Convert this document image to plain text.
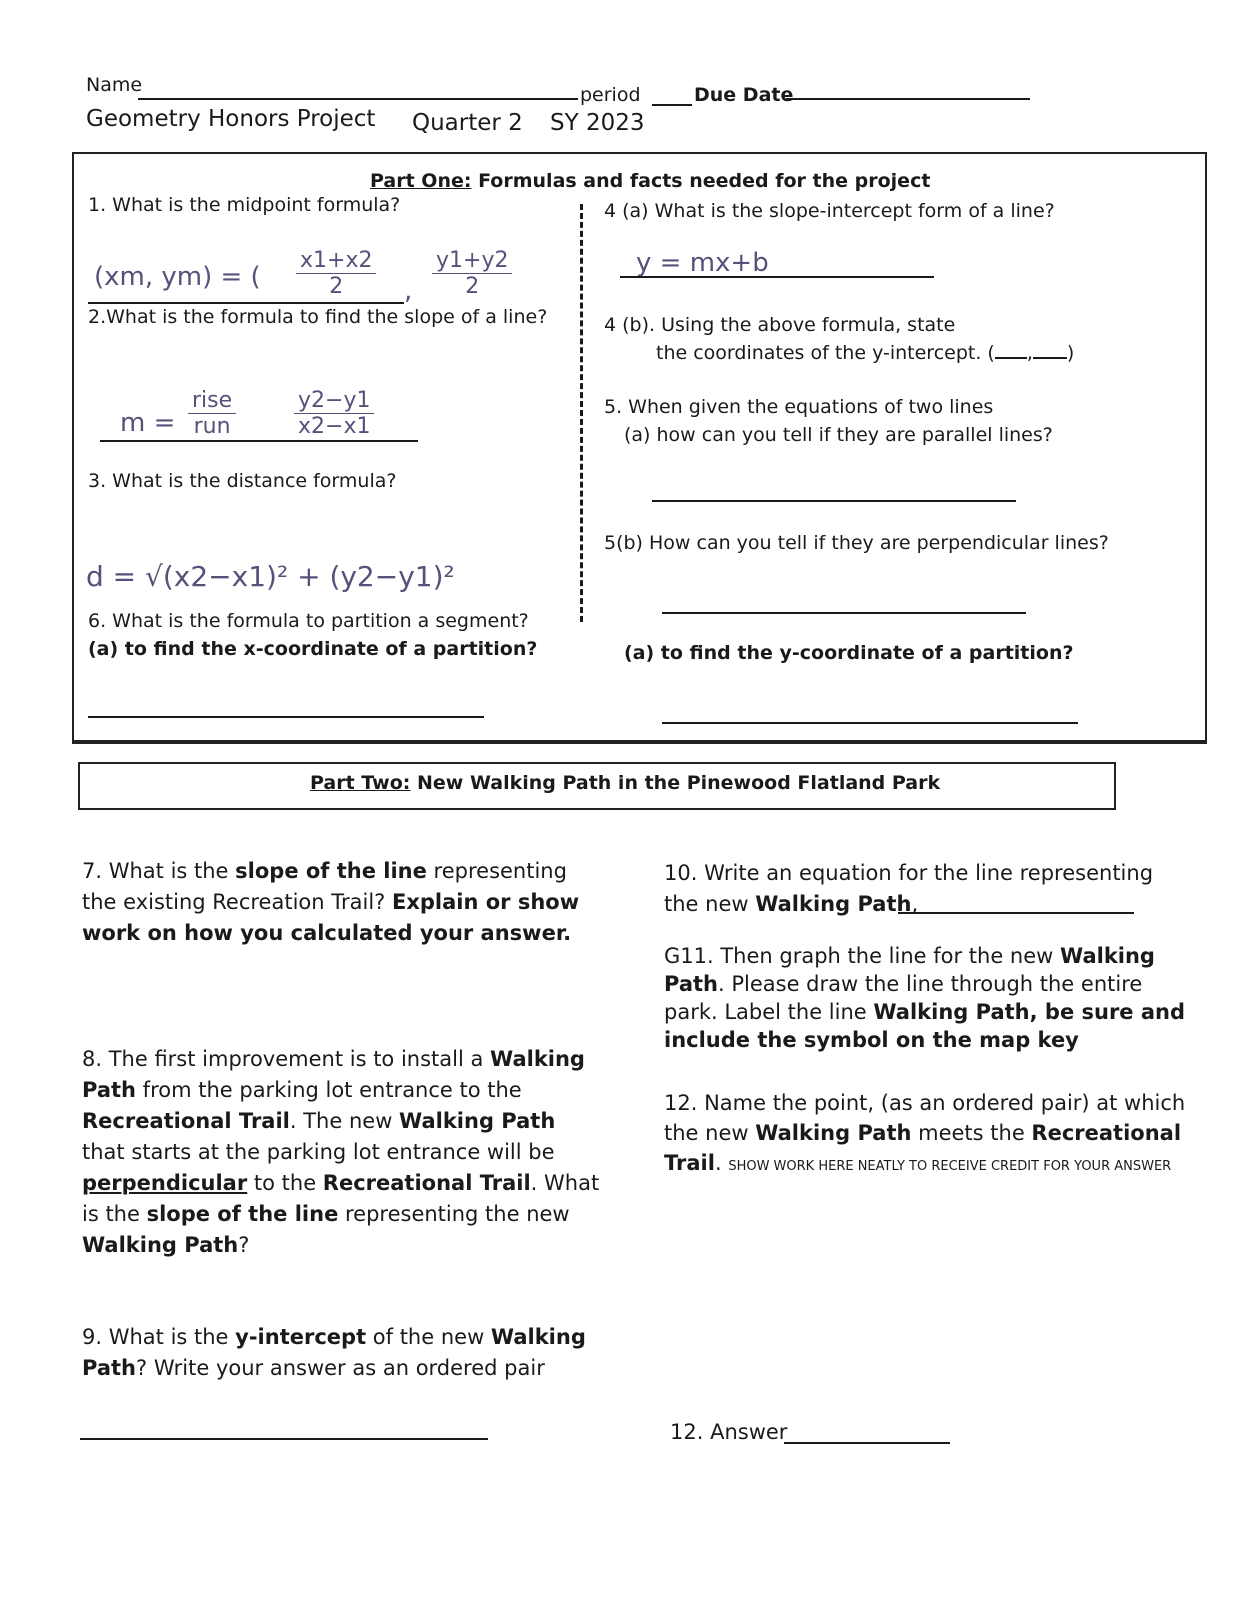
Name	period	Due Date
Geometry Honors Project Quarter 2 SY 2023
Part One: Formulas and facts needed for the project
1. What is the midpoint formula?
(xm, ym) = ( $\frac{x1+x2}{2}$ , $\frac{y1+y2}{2}$
2.What is the formula to find the slope of a line?
m =
rise
run	$\frac{y2-y1}{x2-x1}$
3. What is the distance formula?
d = √(x2−x1)² + (y2−y1)²
6. What is the formula to partition a segment?
(a) to find the x-coordinate of a partition?
4 (a) What is the slope-intercept form of a line?
y = mx+b
4 (b). Using the above formula, state
the coordinates of the y-intercept. ( , )
5. When given the equations of two lines
(a) how can you tell if they are parallel lines?
5(b) How can you tell if they are perpendicular lines?
(a) to find the y-coordinate of a partition?
Part Two: New Walking Path in the Pinewood Flatland Park
7. What is the slope of the line representing the existing Recreation Trail? Explain or show work on how you calculated your answer.
8. The first improvement is to install a Walking Path from the parking lot entrance to the Recreational Trail. The new Walking Path that starts at the parking lot entrance will be perpendicular to the Recreational Trail. What is the slope of the line representing the new Walking Path?
9. What is the y-intercept of the new Walking Path? Write your answer as an ordered pair
10. Write an equation for the line representing the new Walking Path,
G11. Then graph the line for the new Walking Path. Please draw the line through the entire park. Label the line Walking Path, be sure and include the symbol on the map key
12. Name the point, (as an ordered pair) at which the new Walking Path meets the Recreational Trail. SHOW WORK HERE NEATLY TO RECEIVE CREDIT FOR YOUR ANSWER
12. Answer
